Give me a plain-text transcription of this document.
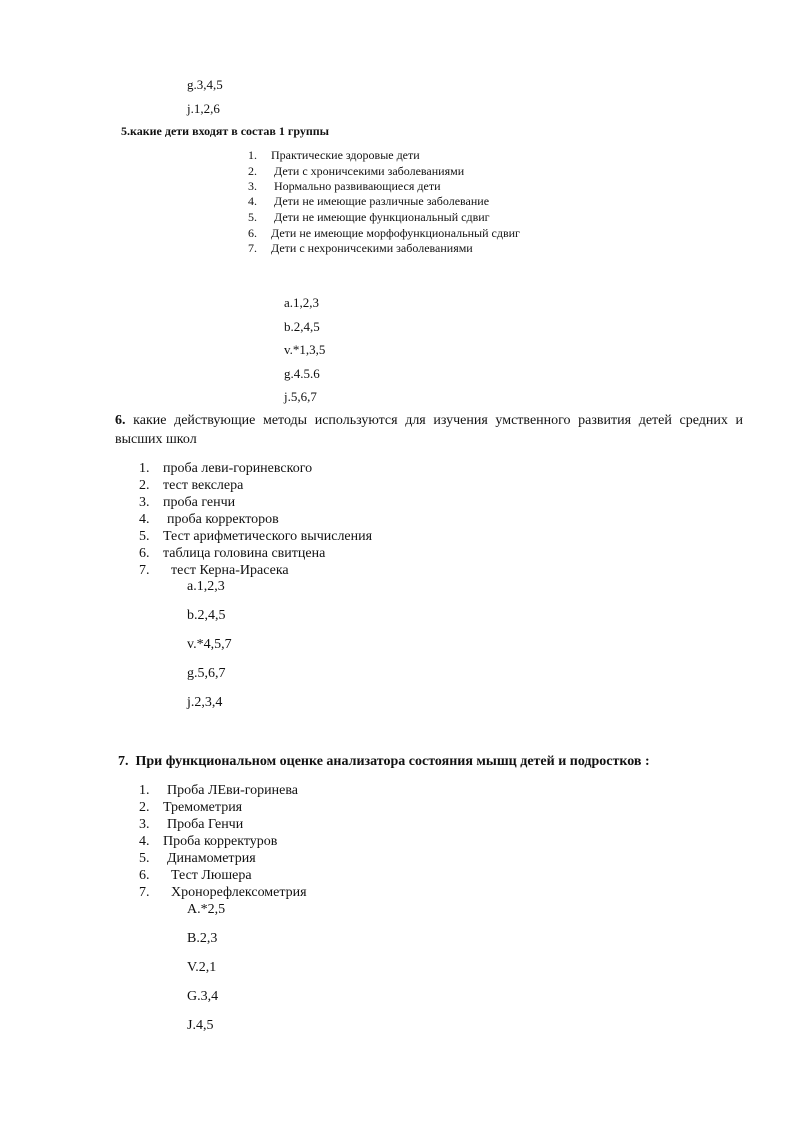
g.3,4,5
j.1,2,6
5.какие дети входят в состав 1 группы
1. Практические здоровые дети
2. Дети с хроничсекими заболеваниями
3. Нормально развивающиеся дети
4. Дети не имеющие различные заболевание
5. Дети не имеющие функциональный сдвиг
6. Дети не имеющие морфофункциональный сдвиг
7. Дети с нехроничсекими заболеваниями
a.1,2,3
b.2,4,5
v.*1,3,5
g.4.5.6
j.5,6,7
6. какие действующие методы используются для изучения умственного развития детей средних и высших школ
1. проба леви-гориневского
2. тест векслера
3. проба генчи
4. проба корректоров
5. Тест арифметического вычисления
6. таблица головина свитцена
7. тест Керна-Ирасека
a.1,2,3
b.2,4,5
v.*4,5,7
g.5,6,7
j.2,3,4
7. При функциональном оценке анализатора состояния мышц детей и подростков :
1. Проба ЛЕви-горинева
2. Тремометрия
3. Проба Генчи
4. Проба корректуров
5. Динамометрия
6. Тест Люшера
7. Хронорефлексометрия
A.*2,5
B.2,3
V.2,1
G.3,4
J.4,5
